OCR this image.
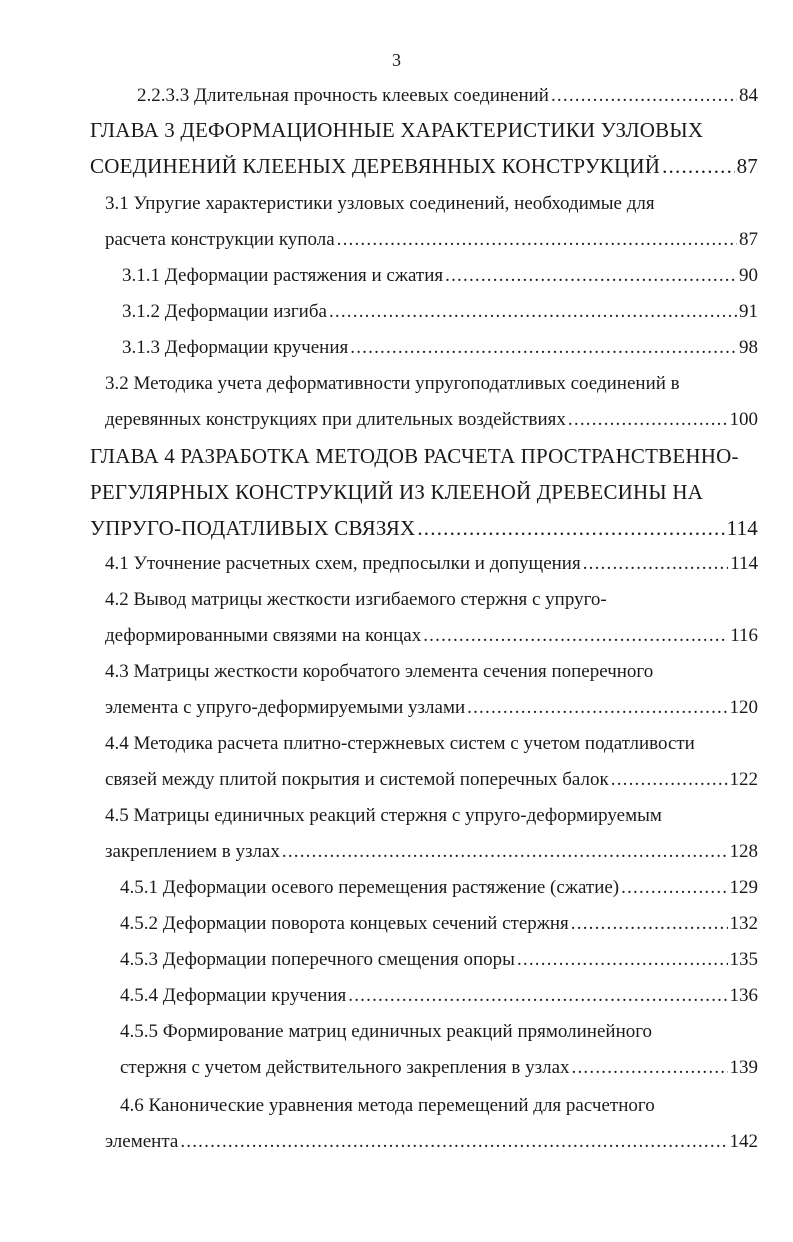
3
2.2.3.3 Длительная прочность клеевых соединений .....	84
ГЛАВА 3 ДЕФОРМАЦИОННЫЕ ХАРАКТЕРИСТИКИ УЗЛОВЫХ
СОЕДИНЕНИЙ КЛЕЕНЫХ ДЕРЕВЯННЫХ КОНСТРУКЦИЙ .....	87
3.1 Упругие характеристики узловых соединений, необходимые для
расчета конструкции купола .....	87
3.1.1 Деформации растяжения и сжатия .....	90
3.1.2 Деформации изгиба .....	91
3.1.3 Деформации кручения .....	98
3.2 Методика учета деформативности упругоподатливых соединений в
деревянных конструкциях при длительных воздействиях .....	100
ГЛАВА 4 РАЗРАБОТКА МЕТОДОВ РАСЧЕТА ПРОСТРАНСТВЕННО-
РЕГУЛЯРНЫХ КОНСТРУКЦИЙ ИЗ КЛЕЕНОЙ ДРЕВЕСИНЫ НА
УПРУГО-ПОДАТЛИВЫХ СВЯЗЯХ .....	114
4.1 Уточнение расчетных схем, предпосылки и допущения .....	114
4.2 Вывод матрицы жесткости изгибаемого стержня с упруго-
деформированными связями на концах .....	116
4.3 Матрицы жесткости коробчатого элемента сечения поперечного
элемента с упруго-деформируемыми узлами .....	120
4.4 Методика расчета плитно-стержневых систем с учетом податливости
связей между плитой покрытия и системой поперечных балок .....	122
4.5 Матрицы единичных реакций стержня с упруго-деформируемым
закреплением в узлах .....	128
4.5.1 Деформации осевого перемещения растяжение (сжатие) .....	129
4.5.2 Деформации поворота концевых сечений стержня .....	132
4.5.3 Деформации поперечного смещения опоры .....	135
4.5.4 Деформации кручения .....	136
4.5.5 Формирование матриц единичных реакций прямолинейного
стержня с учетом действительного закрепления в узлах .....	139
4.6 Канонические уравнения метода перемещений для расчетного
элемента .....	142
